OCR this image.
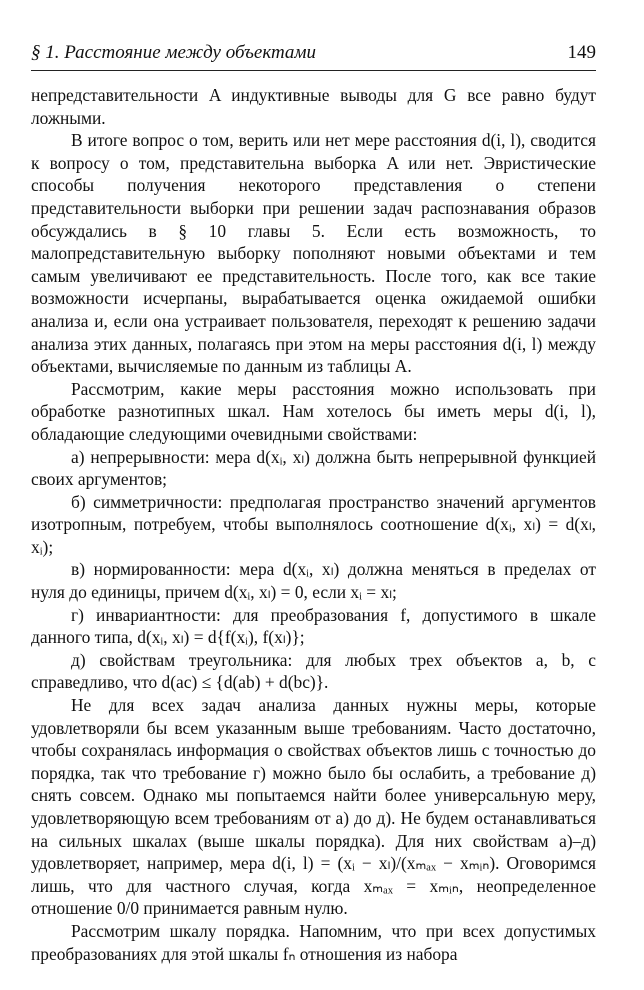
§ 1. Расстояние между объектами	149

непредставительности A индуктивные выводы для G все равно будут ложными.

В итоге вопрос о том, верить или нет мере расстояния d(i, l), сводится к вопросу о том, представительна выборка A или нет. Эвристические способы получения некоторого представления о степени представительности выборки при решении задач распознавания образов обсуждались в § 10 главы 5. Если есть возможность, то малопредставительную выборку пополняют новыми объектами и тем самым увеличивают ее представительность. После того, как все такие возможности исчерпаны, вырабатывается оценка ожидаемой ошибки анализа и, если она устраивает пользователя, переходят к решению задачи анализа этих данных, полагаясь при этом на меры расстояния d(i, l) между объектами, вычисляемые по данным из таблицы A.

Рассмотрим, какие меры расстояния можно использовать при обработке разнотипных шкал. Нам хотелось бы иметь меры d(i, l), обладающие следующими очевидными свойствами:

а) непрерывности: мера d(xᵢ, xₗ) должна быть непрерывной функцией своих аргументов;

б) симметричности: предполагая пространство значений аргументов изотропным, потребуем, чтобы выполнялось соотношение d(xᵢ, xₗ) = d(xₗ, xᵢ);

в) нормированности: мера d(xᵢ, xₗ) должна меняться в пределах от нуля до единицы, причем d(xᵢ, xₗ) = 0, если xᵢ = xₗ;

г) инвариантности: для преобразования f, допустимого в шкале данного типа, d(xᵢ, xₗ) = d{f(xᵢ), f(xₗ)};

д) свойствам треугольника: для любых трех объектов a, b, c справедливо, что d(ac) ≤ {d(ab) + d(bc)}.

Не для всех задач анализа данных нужны меры, которые удовлетворяли бы всем указанным выше требованиям. Часто достаточно, чтобы сохранялась информация о свойствах объектов лишь с точностью до порядка, так что требование г) можно было бы ослабить, а требование д) снять совсем. Однако мы попытаемся найти более универсальную меру, удовлетворяющую всем требованиям от а) до д). Не будем останавливаться на сильных шкалах (выше шкалы порядка). Для них свойствам а)–д) удовлетворяет, например, мера d(i, l) = (xᵢ − xₗ)/(xₘₐₓ − xₘᵢₙ). Оговоримся лишь, что для частного случая, когда xₘₐₓ = xₘᵢₙ, неопределенное отношение 0/0 принимается равным нулю.

Рассмотрим шкалу порядка. Напомним, что при всех допустимых преобразованиях для этой шкалы fₙ отношения из набора
